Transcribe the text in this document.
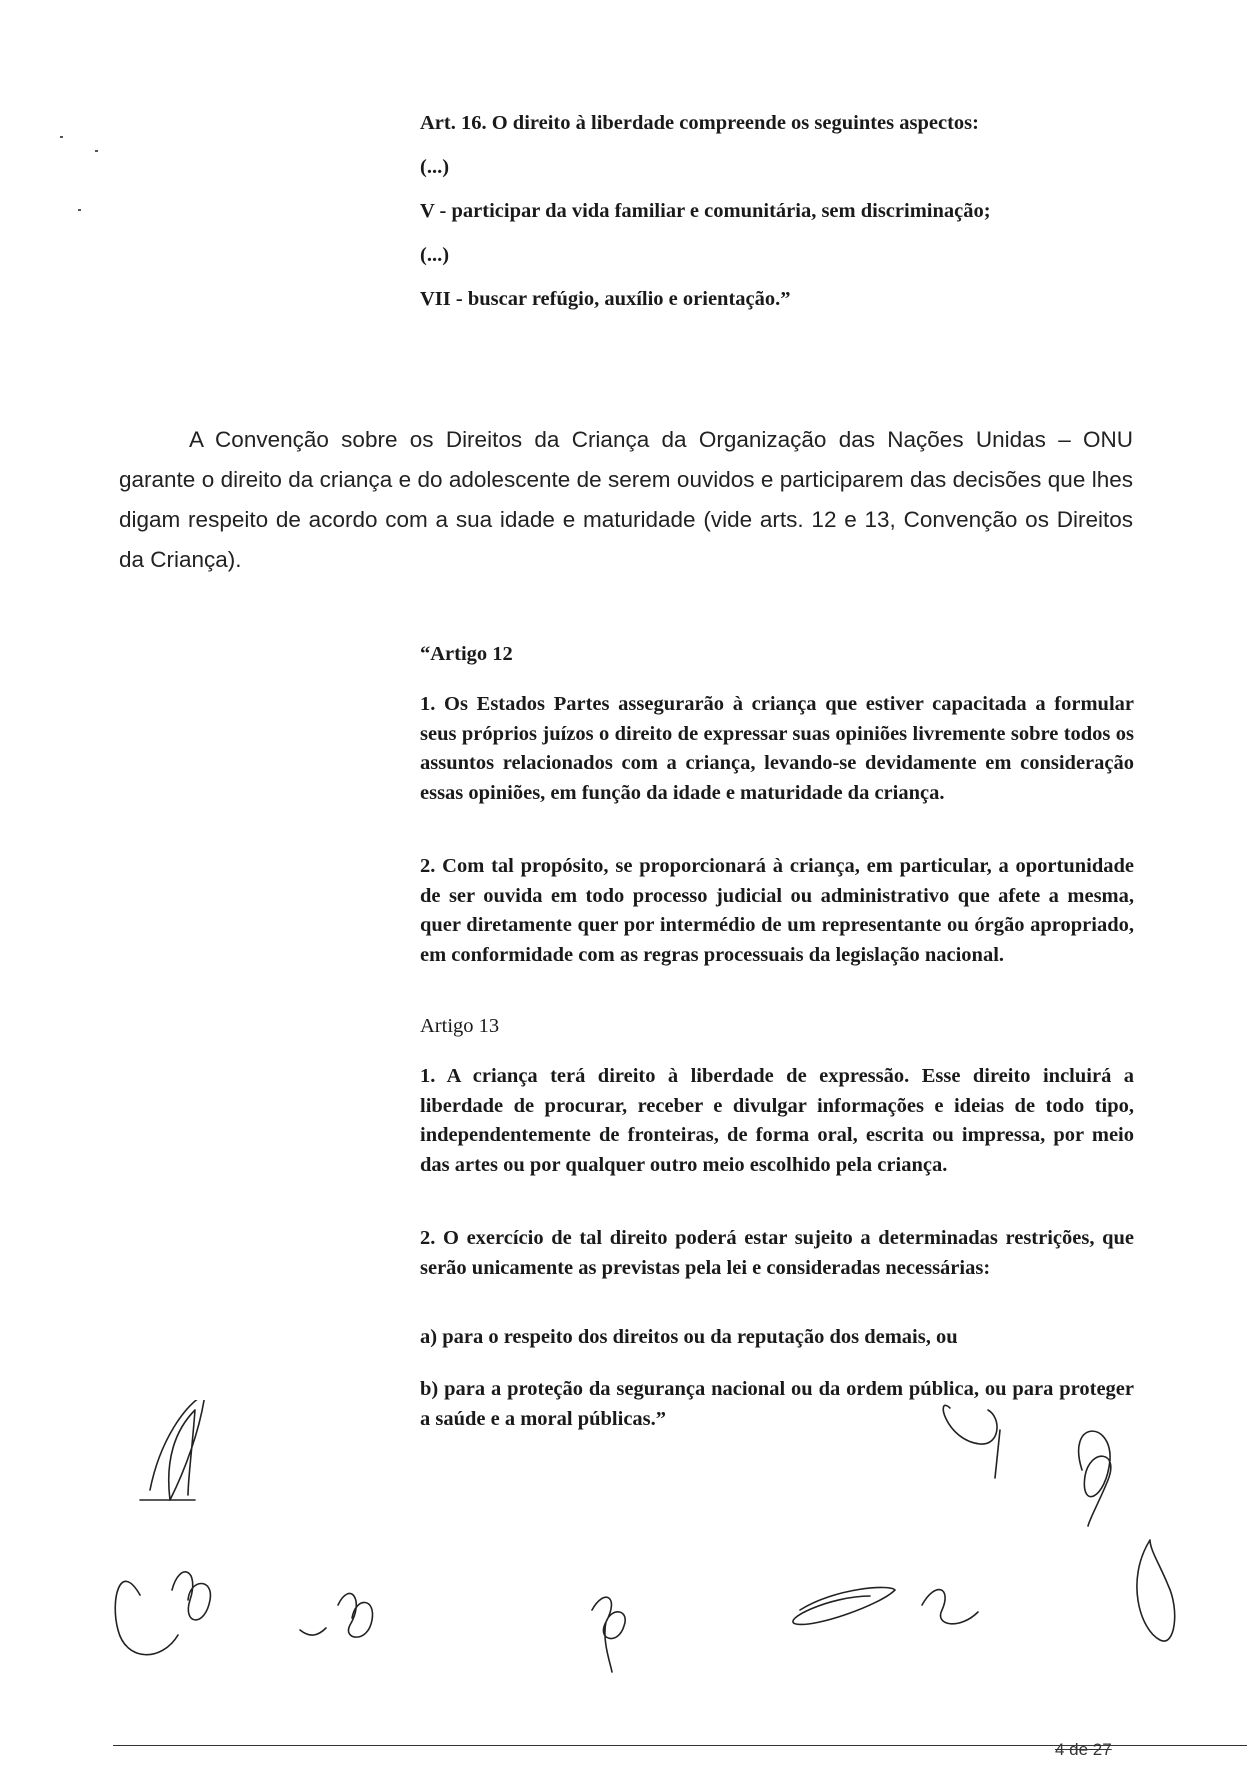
Art. 16. O direito à liberdade compreende os seguintes aspectos:
(...)
V - participar da vida familiar e comunitária, sem discriminação;
(...)
VII - buscar refúgio, auxílio e orientação.”

A Convenção sobre os Direitos da Criança da Organização das Nações Unidas – ONU garante o direito da criança e do adolescente de serem ouvidos e participarem das decisões que lhes digam respeito de acordo com a sua idade e maturidade (vide arts. 12 e 13, Convenção os Direitos da Criança).

“Artigo 12

1. Os Estados Partes assegurarão à criança que estiver capacitada a formular seus próprios juízos o direito de expressar suas opiniões livremente sobre todos os assuntos relacionados com a criança, levando-se devidamente em consideração essas opiniões, em função da idade e maturidade da criança.

2. Com tal propósito, se proporcionará à criança, em particular, a oportunidade de ser ouvida em todo processo judicial ou administrativo que afete a mesma, quer diretamente quer por intermédio de um representante ou órgão apropriado, em conformidade com as regras processuais da legislação nacional.

Artigo 13

1. A criança terá direito à liberdade de expressão. Esse direito incluirá a liberdade de procurar, receber e divulgar informações e ideias de todo tipo, independentemente de fronteiras, de forma oral, escrita ou impressa, por meio das artes ou por qualquer outro meio escolhido pela criança.

2. O exercício de tal direito poderá estar sujeito a determinadas restrições, que serão unicamente as previstas pela lei e consideradas necessárias:

a) para o respeito dos direitos ou da reputação dos demais, ou

b) para a proteção da segurança nacional ou da ordem pública, ou para proteger a saúde e a moral públicas.”

4 de 27
